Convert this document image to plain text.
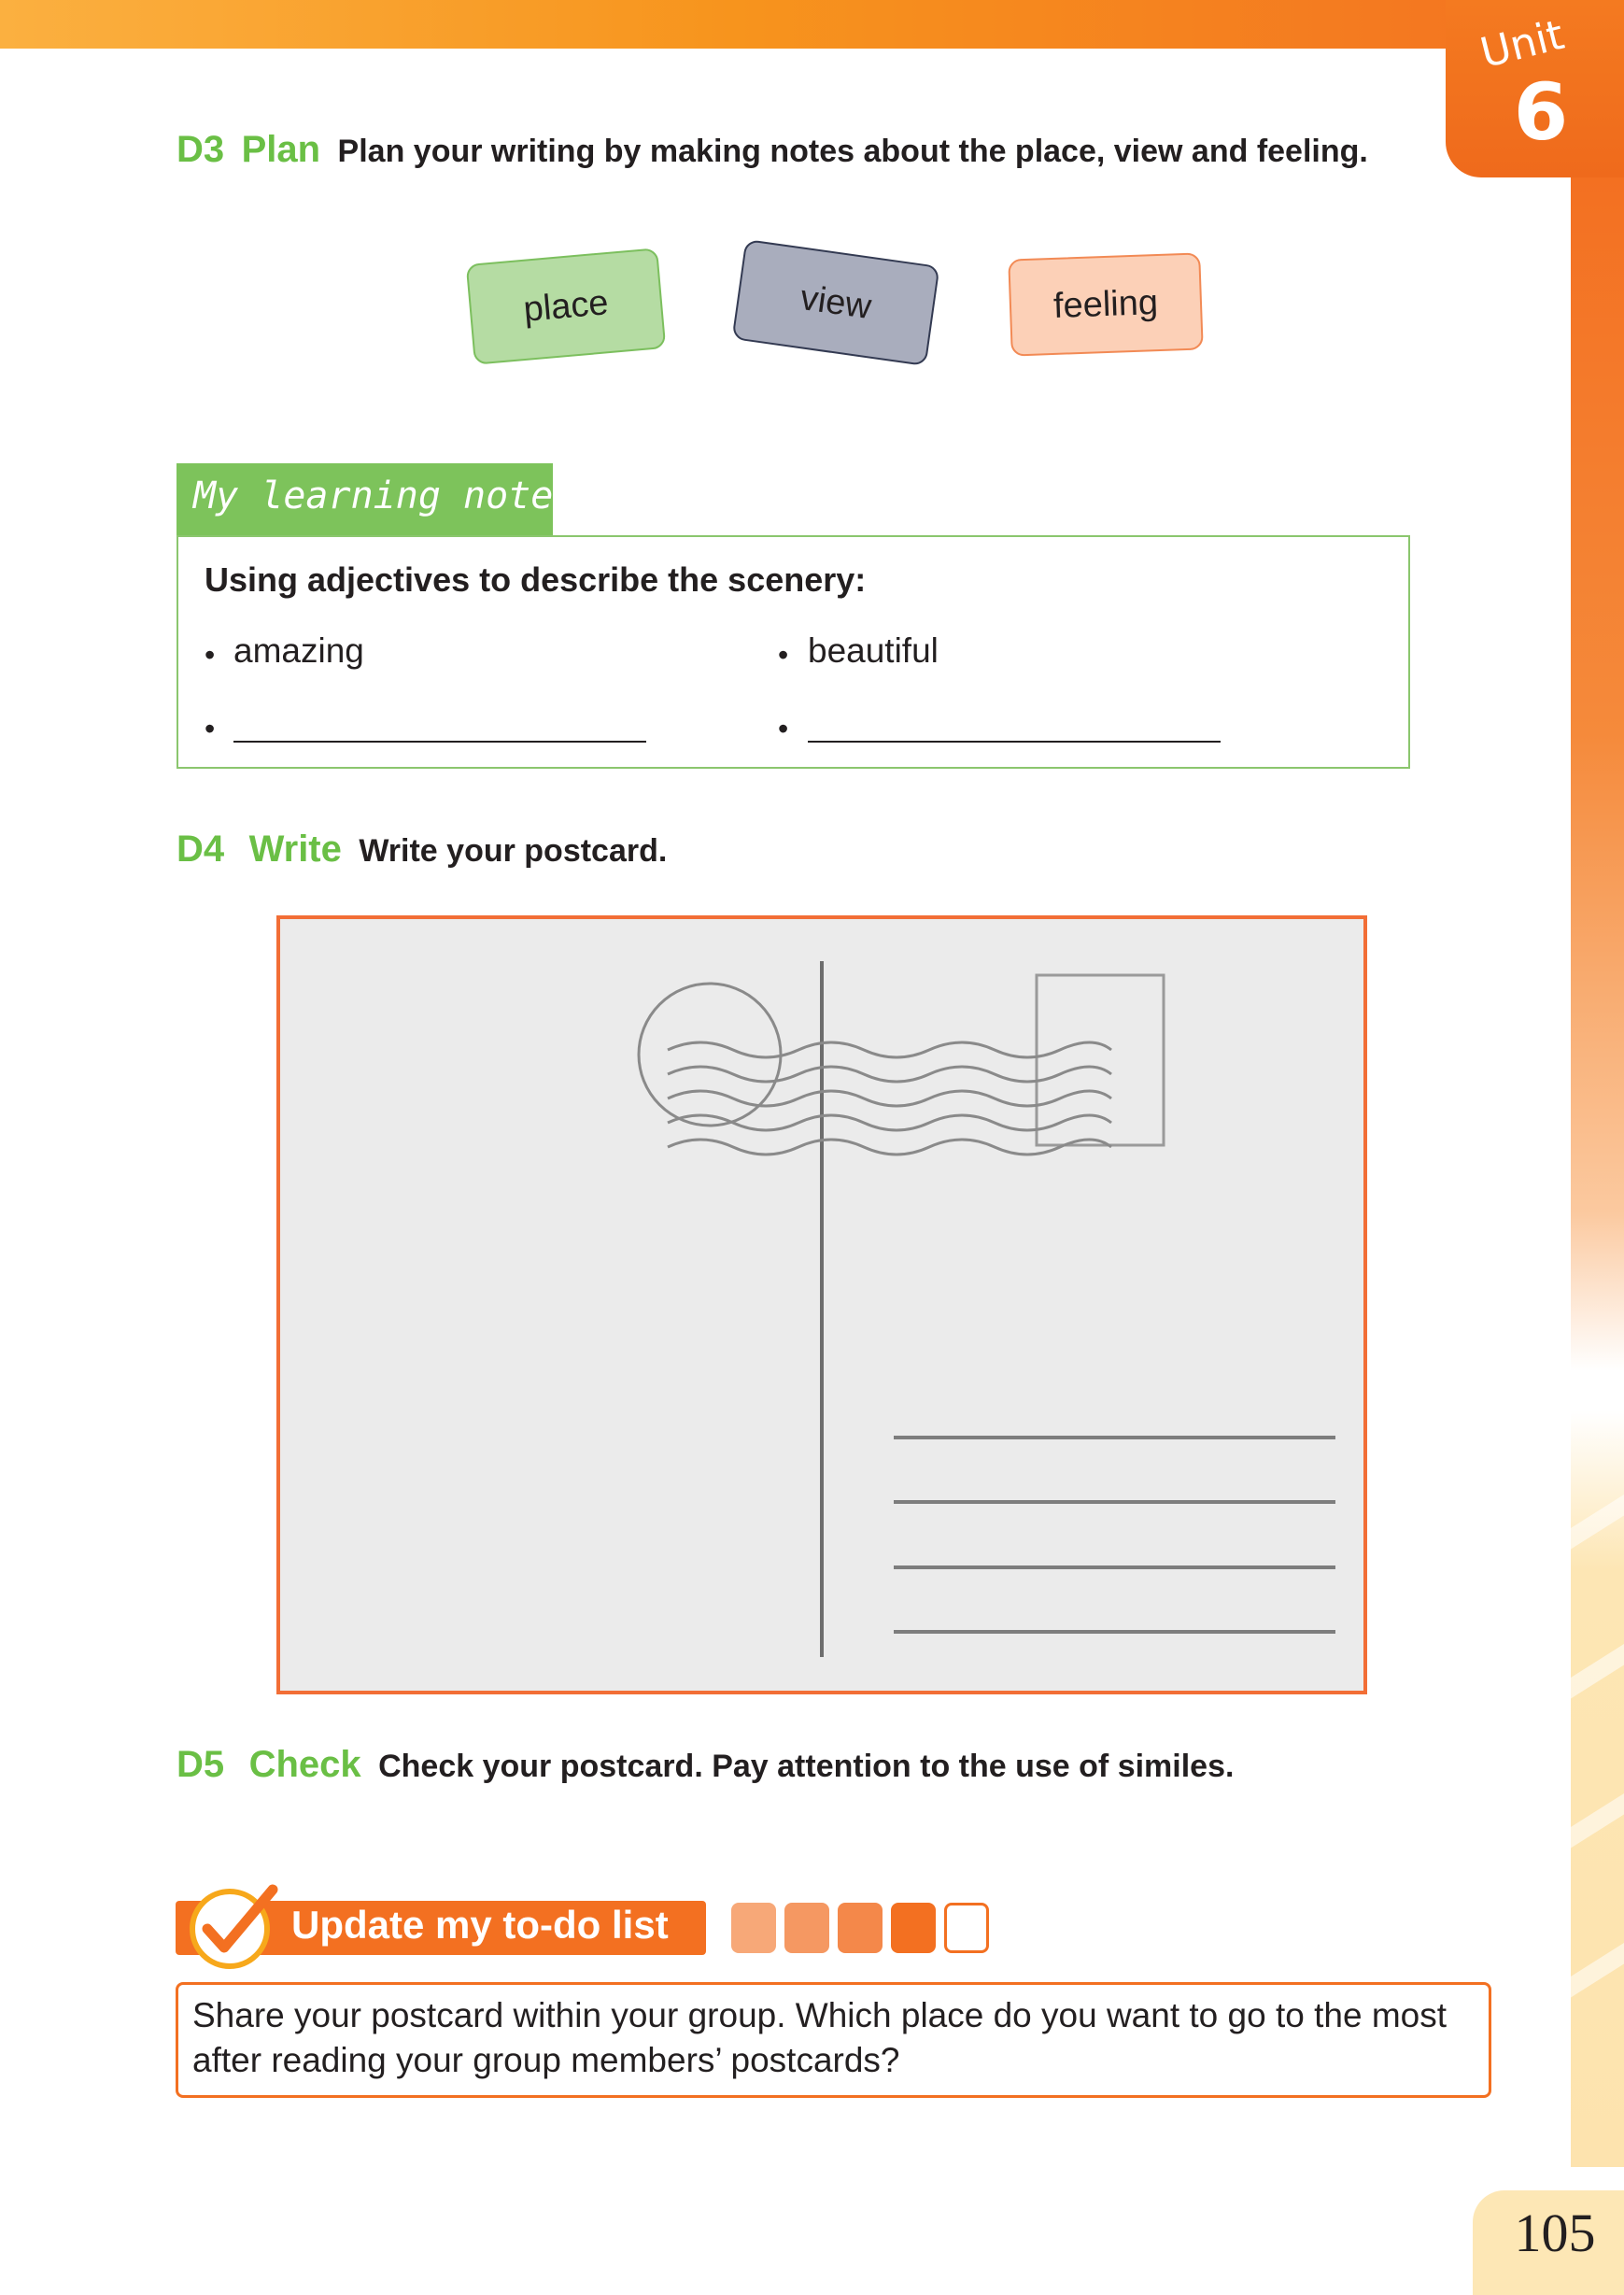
Unit
6
D3 Plan Plan your writing by making notes about the place, view and feeling.
place	view	feeling
My learning notes
Using adjectives to describe the scenery:
• amazing	• beautiful
•	•
D4 Write Write your postcard.
D5 Check Check your postcard. Pay attention to the use of similes.
Update my to-do list
Share your postcard within your group. Which place do you want to go to the most after reading your group members’ postcards?
105
